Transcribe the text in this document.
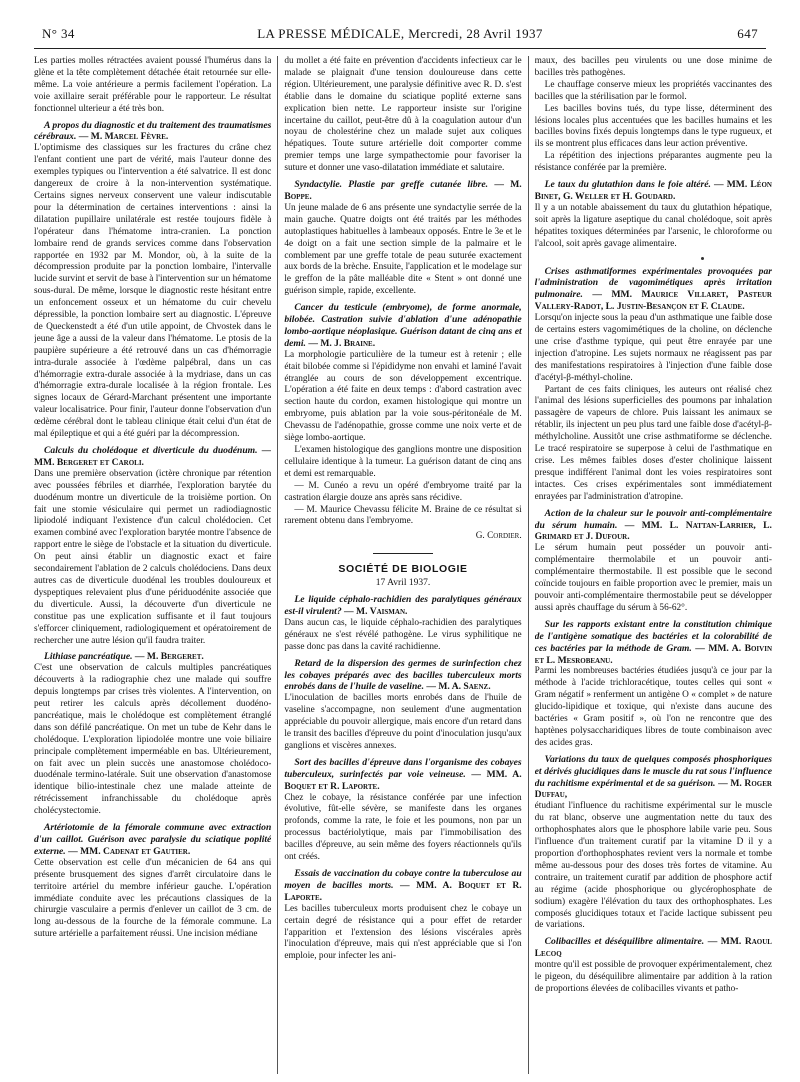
N° 34	LA PRESSE MÉDICALE, Mercredi, 28 Avril 1937	647

Les parties molles rétractées avaient poussé l'humérus dans la glène et la tête complètement détachée était retournée sur elle-même. La voie antérieure a permis facilement l'opération. La voie axillaire serait préférable pour le rapporteur. Le résultat fonctionnel ulterieur a été très bon.

A propos du diagnostic et du traitement des traumatismes cérébraux. — M. Marcel Fèvre.

L'optimisme des classiques sur les fractures du crâne chez l'enfant contient une part de vérité, mais l'auteur donne des exemples typiques ou l'intervention a été salvatrice. Il est donc dangereux de croire à la non-intervention systématique. Certains signes nerveux conservent une valeur indiscutable pour la détermination de certaines interventions : ainsi la dilatation pupillaire unilatérale est restée toujours fidèle à l'opérateur dans l'hématome intra-cranien. La ponction lombaire rend de grands services comme dans l'observation rapportée en 1932 par M. Mondor, où, à la suite de la décompression produite par la ponction lombaire, l'intervalle lucide survint et servit de base à l'intervention sur un hématome sous-dural. De même, lorsque le diagnostic reste hésitant entre un enfoncement osseux et un hématome du cuir chevelu dépressible, la ponction lombaire sert au diagnostic. L'épreuve de Queckenstedt a été d'un utile appoint, de Chvostek dans le jeune âge a aussi de la valeur dans l'hématome. Le ptosis de la paupière supérieure a été retrouvé dans un cas d'hémorragie intra-durale associée à l'œdème palpébral, dans un cas d'hémorragie extra-durale associée à la mydriase, dans un cas d'hémorragie extra-durale localisée à la région frontale. Les signes locaux de Gérard-Marchant présentent une importante valeur localisatrice. Pour finir, l'auteur donne l'observation d'un œdème cérébral dont le tableau clinique était celui d'un état de mal épileptique et qui a été guéri par la décompression.

Calculs du cholédoque et diverticule du duodénum. — MM. Bergeret et Caroli.

Dans une première observation (ictère chronique par rétention avec poussées fébriles et diarrhée, l'exploration barytée du duodénum montre un diverticule de la troisième portion. On fait une stomie vésiculaire qui permet un radiodiagnostic lipiodolé indiquant l'existence d'un calcul cholédocien. Cet examen combiné avec l'exploration barytée montre l'absence de rapport entre le siège de l'obstacle et la situation du diverticule. On peut ainsi établir un diagnostic exact et faire secondairement l'ablation de 2 calculs cholédociens. Dans deux autres cas de diverticule duodénal les troubles douloureux et dyspeptiques relevaient plus d'une périduodénite associée que du diverticule. Aussi, la découverte d'un diverticule ne constitue pas une explication suffisante et il faut toujours s'efforcer cliniquement, radiologiquement et opératoirement de rechercher une autre lésion qu'il faudra traiter.

Lithiase pancréatique. — M. Bergeret.

C'est une observation de calculs multiples pancréatiques découverts à la radiographie chez une malade qui souffre depuis longtemps par crises très violentes. A l'intervention, on peut retirer les calculs après décollement duodéno-pancréatique, mais le cholédoque est complètement étranglé dans son défilé pancréatique. On met un tube de Kehr dans le cholédoque. L'exploration lipiodolée montre une voie biliaire principale complètement imperméable en bas. Ultérieurement, on fait avec un plein succès une anastomose cholédoco-duodénale termino-latérale. Suit une observation d'anastomose identique bilio-intestinale chez une malade atteinte de rétrécissement infranchissable du cholédoque après cholécystectomie.

Artériotomie de la fémorale commune avec extraction d'un caillot. Guérison avec paralysie du sciatique poplité externe. — MM. Cadenat et Gautier.

Cette observation est celle d'un mécanicien de 64 ans qui présente brusquement des signes d'arrêt circulatoire dans le territoire artériel du membre inférieur gauche. L'opération immédiate conduite avec les précautions classiques de la chirurgie vasculaire a permis d'enlever un caillot de 3 cm. de long au-dessous de la fourche de la fémorale commune. La suture artérielle a parfaitement réussi. Une incision médiane

du mollet a été faite en prévention d'accidents infectieux car le malade se plaignait d'une tension douloureuse dans cette région. Ultérieurement, une paralysie définitive avec R. D. s'est établie dans le domaine du sciatique poplité externe sans explication bien nette. Le rapporteur insiste sur l'origine incertaine du caillot, peut-être dû à la coagulation autour d'un noyau de cholestérine chez un malade sujet aux coliques hépatiques. Toute suture artérielle doit comporter comme premier temps une large sympathectomie pour favoriser la suture et donner une vaso-dilatation immédiate et salutaire.

Syndactylie. Plastie par greffe cutanée libre. — M. Boppe.

Un jeune malade de 6 ans présente une syndactylie serrée de la main gauche. Quatre doigts ont été traités par les méthodes autoplastiques habituelles à lambeaux opposés. Entre le 3e et le 4e doigt on a fait une section simple de la palmaire et le comblement par une greffe totale de peau suturée exactement aux bords de la brèche. Ensuite, l'application et le modelage sur le greffon de la pâte malléable dite « Stent » ont donné une guérison simple, rapide, excellente.

Cancer du testicule (embryome), de forme anormale, bilobée. Castration suivie d'ablation d'une adénopathie lombo-aortique néoplasique. Guérison datant de cinq ans et demi. — M. J. Braine.

La morphologie particulière de la tumeur est à retenir ; elle était bilobée comme si l'épididyme non envahi et laminé l'avait étranglée au cours de son développement excentrique. L'opération a été faite en deux temps : d'abord castration avec section haute du cordon, examen histologique qui montre un embryome, puis ablation par la voie sous-péritonéale de M. Chevassu de l'adénopathie, grosse comme une noix verte et de siège lombo-aortique.

L'examen histologique des ganglions montre une disposition cellulaire identique à la tumeur. La guérison datant de cinq ans et demi est remarquable.

— M. Cunéo a revu un opéré d'embryome traité par la castration élargie douze ans après sans récidive.

— M. Maurice Chevassu félicite M. Braine de ce résultat si rarement obtenu dans l'embryome.

G. Cordier.
SOCIÉTÉ DE BIOLOGIE
17 Avril 1937.
Le liquide céphalo-rachidien des paralytiques généraux est-il virulent? — M. Vaisman.

Dans aucun cas, le liquide céphalo-rachidien des paralytiques généraux ne s'est révélé pathogène. Le virus syphilitique ne passe donc pas dans la cavité rachidienne.

Retard de la dispersion des germes de surinfection chez les cobayes préparés avec des bacilles tuberculeux morts enrobés dans de l'huile de vaseline. — M. A. Saenz.

L'inoculation de bacilles morts enrobés dans de l'huile de vaseline s'accompagne, non seulement d'une augmentation appréciable du pouvoir allergique, mais encore d'un retard dans le transit des bacilles d'épreuve du point d'inoculation jusqu'aux ganglions et viscères annexes.

Sort des bacilles d'épreuve dans l'organisme des cobayes tuberculeux, surinfectés par voie veineuse. — MM. A. Boquet et R. Laporte.

Chez le cobaye, la résistance conférée par une infection évolutive, fût-elle sévère, se manifeste dans les organes profonds, comme la rate, le foie et les poumons, non par un processus bactériolytique, mais par l'immobilisation des bacilles d'épreuve, au sein même des foyers réactionnels qu'ils ont créés.

Essais de vaccination du cobaye contre la tuberculose au moyen de bacilles morts. — MM. A. Boquet et R. Laporte.

Les bacilles tuberculeux morts produisent chez le cobaye un certain degré de résistance qui a pour effet de retarder l'apparition et l'extension des lésions viscérales après l'inoculation d'épreuve, mais qui n'est appréciable que si l'on emploie, pour infecter les ani-

maux, des bacilles peu virulents ou une dose minime de bacilles très pathogènes.

Le chauffage conserve mieux les propriétés vaccinantes des bacilles que la stérilisation par le formol.

Les bacilles bovins tués, du type lisse, déterminent des lésions locales plus accentuées que les bacilles humains et les bacilles bovins fixés depuis longtemps dans le type rugueux, et ils se montrent plus efficaces dans leur action préventive.

La répétition des injections préparantes augmente peu la résistance conférée par la première.

Le taux du glutathion dans le foie altéré. — MM. Léon Binet, G. Weller et H. Goudard.

Il y a un notable abaissement du taux du glutathion hépatique, soit après la ligature aseptique du canal cholédoque, soit après hépatites toxiques déterminées par l'arsenic, le chloroforme ou l'alcool, soit après gavage alimentaire.

Crises asthmatiformes expérimentales provoquées par l'administration de vagomimétiques après irritation pulmonaire. — MM. Maurice Villaret, Pasteur Vallery-Radot, L. Justin-Besançon et F. Claude.

Lorsqu'on injecte sous la peau d'un asthmatique une faible dose de certains esters vagomimétiques de la choline, on déclenche une crise d'asthme typique, qui peut être enrayée par une injection d'atropine. Les sujets normaux ne réagissent pas par des manifestations respiratoires à l'injection d'une faible dose d'acétyl-β-méthyl-choline.

Partant de ces faits cliniques, les auteurs ont réalisé chez l'animal des lésions superficielles des poumons par inhalation passagère de vapeurs de chlore. Puis laissant les animaux se rétablir, ils injectent un peu plus tard une faible dose d'acétyl-β-méthylcholine. Aussitôt une crise asthmatiforme se déclenche. Le tracé respiratoire se superpose à celui de l'asthmatique en crise. Les mêmes faibles doses d'ester cholinique laissent presque indifférent l'animal dont les voies respiratoires sont intactes. Ces crises expérimentales sont immédiatement enrayées par l'administration d'atropine.

Action de la chaleur sur le pouvoir anti-complémentaire du sérum humain. — MM. L. Nattan-Larrier, L. Grimard et J. Dufour.

Le sérum humain peut posséder un pouvoir anti-complémentaire thermolabile et un pouvoir anti-complémentaire thermostabile. Il est possible que le second coïncide toujours en faible proportion avec le premier, mais un pouvoir anti-complémentaire thermostabile peut se développer aussi après chauffage du sérum à 56-62°.

Sur les rapports existant entre la constitution chimique de l'antigène somatique des bactéries et la colorabilité de ces bactéries par la méthode de Gram. — MM. A. Boivin et L. Mesrobeanu.

Parmi les nombreuses bactéries étudiées jusqu'à ce jour par la méthode à l'acide trichloracétique, toutes celles qui sont « Gram négatif » renferment un antigène O « complet » de nature glucido-lipidique et toxique, qui n'existe dans aucune des bactéries « Gram positif », où l'on ne rencontre que des haptènes polysaccharidiques libres de toute combinaison avec des acides gras.

Variations du taux de quelques composés phosphoriques et dérivés glucidiques dans le muscle du rat sous l'influence du rachitisme expérimental et de sa guérison. — M. Roger Duffau,

étudiant l'influence du rachitisme expérimental sur le muscle du rat blanc, observe une augmentation nette du taux des orthophosphates alors que le phosphore labile varie peu. Sous l'influence d'un traitement curatif par la vitamine D il y a proportion d'orthophosphates revient vers la normale et tombe même au-dessous pour des doses très fortes de vitamine. Au contraire, un traitement curatif par addition de phosphore actif au régime (acide phosphorique ou glycérophosphate de sodium) exagère l'élévation du taux des orthophosphates. Les composés glucidiques totaux et l'acide lactique subissent peu de variations.

Colibacilles et déséquilibre alimentaire. — MM. Raoul Lecoq

montre qu'il est possible de provoquer expérimentalement, chez le pigeon, du déséquilibre alimentaire par addition à la ration de proportions élevées de colibacilles vivants et patho-
